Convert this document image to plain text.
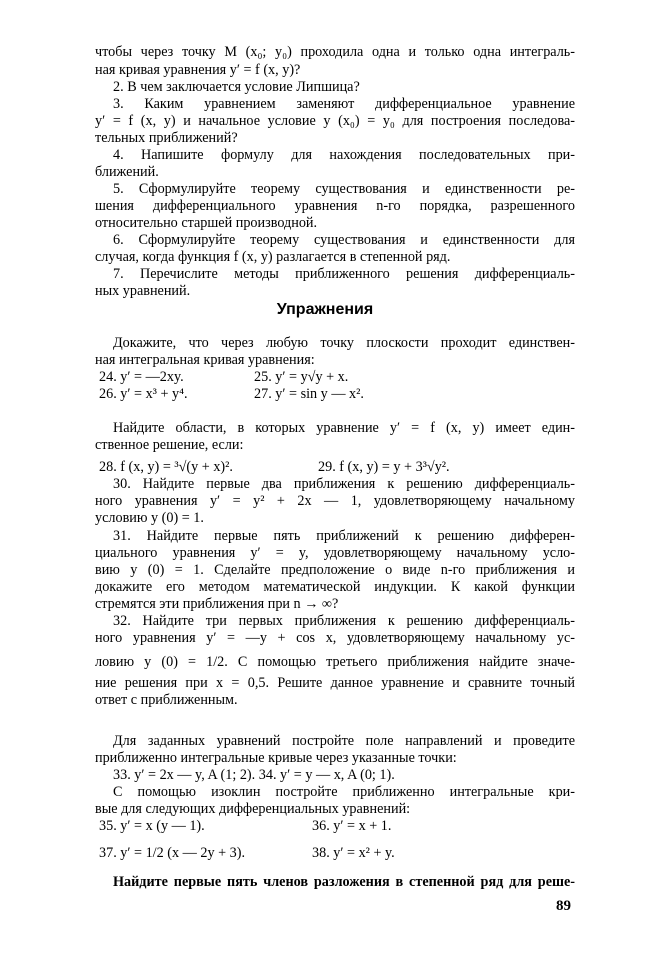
чтобы через точку M (x₀; y₀) проходила одна и только одна интеграль-
ная кривая уравнения y′ = f (x, y)?
2. В чем заключается условие Липшица?
3. Каким уравнением заменяют дифференциальное уравнение
y′ = f (x, y) и начальное условие y (x₀) = y₀ для построения последова-
тельных приближений?
4. Напишите формулу для нахождения последовательных при-
ближений.
5. Сформулируйте теорему существования и единственности ре-
шения дифференциального уравнения n-го порядка, разрешенного
относительно старшей производной.
6. Сформулируйте теорему существования и единственности для
случая, когда функция f (x, y) разлагается в степенной ряд.
7. Перечислите методы приближенного решения дифференциаль-
ных уравнений.
Упражнения
Докажите, что через любую точку плоскости проходит единствен-
ная интегральная кривая уравнения:
24. y′ = —2xy.	25. y′ = y√y + x.
26. y′ = x³ + y⁴.	27. y′ = sin y — x².
Найдите области, в которых уравнение y′ = f (x, y) имеет един-
ственное решение, если:
28. f (x, y) = ³√(y + x)².	29. f (x, y) = y + 3³√y².
30. Найдите первые два приближения к решению дифференциаль-
ного уравнения y′ = y² + 2x — 1, удовлетворяющему начальному
условию y (0) = 1.
31. Найдите первые пять приближений к решению дифферен-
циального уравнения y′ = y, удовлетворяющему начальному усло-
вию y (0) = 1. Сделайте предположение о виде n-го приближения и
докажите его методом математической индукции. К какой функции
стремятся эти приближения при n → ∞?
32. Найдите три первых приближения к решению дифференциаль-
ного уравнения y′ = —y + cos x, удовлетворяющему начальному ус-
ловию y (0) = 1/2. С помощью третьего приближения найдите значе-
ние решения при x = 0,5. Решите данное уравнение и сравните точный
ответ с приближенным.
Для заданных уравнений постройте поле направлений и проведите
приближенно интегральные кривые через указанные точки:
33. y′ = 2x — y, A (1; 2). 34. y′ = y — x, A (0; 1).
С помощью изоклин постройте приближенно интегральные кри-
вые для следующих дифференциальных уравнений:
35. y′ = x (y — 1).	36. y′ = x + 1.
37. y′ = 1/2 (x — 2y + 3).	38. y′ = x² + y.
Найдите первые пять членов разложения в степенной ряд для реше-
89
